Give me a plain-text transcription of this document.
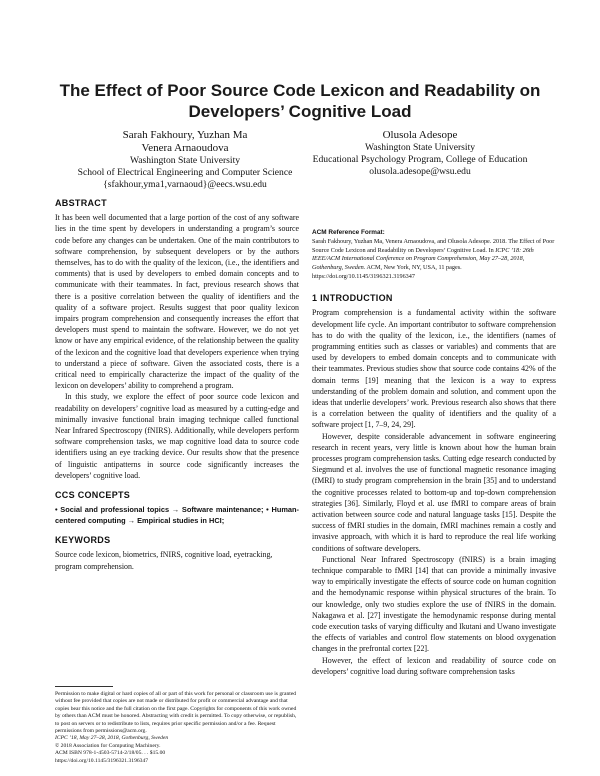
The Effect of Poor Source Code Lexicon and Readability on Developers’ Cognitive Load
Sarah Fakhoury, Yuzhan Ma
Venera Arnaoudova
Washington State University
School of Electrical Engineering and Computer Science
{sfakhour,yma1,varnaoud}@eecs.wsu.edu
Olusola Adesope
Washington State University
Educational Psychology Program, College of Education
olusola.adesope@wsu.edu
ABSTRACT

It has been well documented that a large portion of the cost of any software lies in the time spent by developers in understanding a program’s source code before any changes can be undertaken. One of the main contributors to software comprehension, by subsequent developers or by the authors themselves, has to do with the quality of the lexicon, (i.e., the identifiers and comments) that is used by developers to embed domain concepts and to communicate with their teammates. In fact, previous research shows that there is a positive correlation between the quality of identifiers and the quality of a software project. Results suggest that poor quality lexicon impairs program comprehension and consequently increases the effort that developers must spend to maintain the software. However, we do not yet know or have any empirical evidence, of the relationship between the quality of the lexicon and the cognitive load that developers experience when trying to understand a piece of software. Given the associated costs, there is a critical need to empirically characterize the impact of the quality of the lexicon on developers’ ability to comprehend a program.

In this study, we explore the effect of poor source code lexicon and readability on developers’ cognitive load as measured by a cutting-edge and minimally invasive functional brain imaging technique called functional Near Infrared Spectroscopy (fNIRS). Additionally, while developers perform software comprehension tasks, we map cognitive load data to source code identifiers using an eye tracking device. Our results show that the presence of linguistic antipatterns in source code significantly increases the developers’ cognitive load.

CCS CONCEPTS

• Social and professional topics → Software maintenance; • Human-centered computing → Empirical studies in HCI;

KEYWORDS

Source code lexicon, biometrics, fNIRS, cognitive load, eyetracking, program comprehension.

Permission to make digital or hard copies of all or part of this work for personal or classroom use is granted without fee provided that copies are not made or distributed for profit or commercial advantage and that copies bear this notice and the full citation on the first page. Copyrights for components of this work owned by others than ACM must be honored. Abstracting with credit is permitted. To copy otherwise, or republish, to post on servers or to redistribute to lists, requires prior specific permission and/or a fee. Request permissions from permissions@acm.org.
ICPC ’18, May 27–28, 2018, Gothenburg, Sweden
© 2018 Association for Computing Machinery.
ACM ISBN 978-1-4503-5714-2/18/05. . . $15.00
https://doi.org/10.1145/3196321.3196347
ACM Reference Format:

Sarah Fakhoury, Yuzhan Ma, Venera Arnaoudova, and Olusola Adesope. 2018. The Effect of Poor Source Code Lexicon and Readability on Developers’ Cognitive Load. In ICPC ’18: 26th IEEE/ACM International Conference on Program Comprehension, May 27–28, 2018, Gothenburg, Sweden. ACM, New York, NY, USA, 11 pages. https://doi.org/10.1145/3196321.3196347

1 INTRODUCTION

Program comprehension is a fundamental activity within the software development life cycle. An important contributor to software comprehension has to do with the quality of the lexicon, i.e., the identifiers (names of programming entities such as classes or variables) and comments that are used by developers to embed domain concepts and to communicate with their teammates. Previous studies show that source code contains 42% of the domain terms [19] meaning that the lexicon is a way to express understanding of the problem domain and solution, and comment upon the ideas that underlie developers’ work. Previous research also shows that there is a correlation between the quality of identifiers and the quality of a software project [1, 7–9, 24, 29].

However, despite considerable advancement in software engineering research in recent years, very little is known about how the human brain processes program comprehension tasks. Cutting edge research conducted by Siegmund et al. involves the use of functional magnetic resonance imaging (fMRI) to study program comprehension in the brain [35] and to understand the cognitive processes related to bottom-up and top-down comprehension strategies [36]. Similarly, Floyd et al. use fMRI to compare areas of brain activation between source code and natural language tasks [15]. Despite the success of fMRI studies in the domain, fMRI machines remain a costly and invasive approach, with which it is hard to reproduce the real life working conditions of software developers.

Functional Near Infrared Spectroscopy (fNIRS) is a brain imaging technique comparable to fMRI [14] that can provide a minimally invasive way to empirically investigate the effects of source code on human cognition and the hemodynamic response within physical structures of the brain. To our knowledge, only two studies explore the use of fNIRS in the domain. Nakagawa et al. [27] investigate the hemodynamic response during mental code execution tasks of varying difficulty and Ikutani and Uwano investigate the effects of variables and control flow statements on blood oxygenation changes in the prefrontal cortex [22].

However, the effect of lexicon and readability of source code on developers’ cognitive load during software comprehension tasks
